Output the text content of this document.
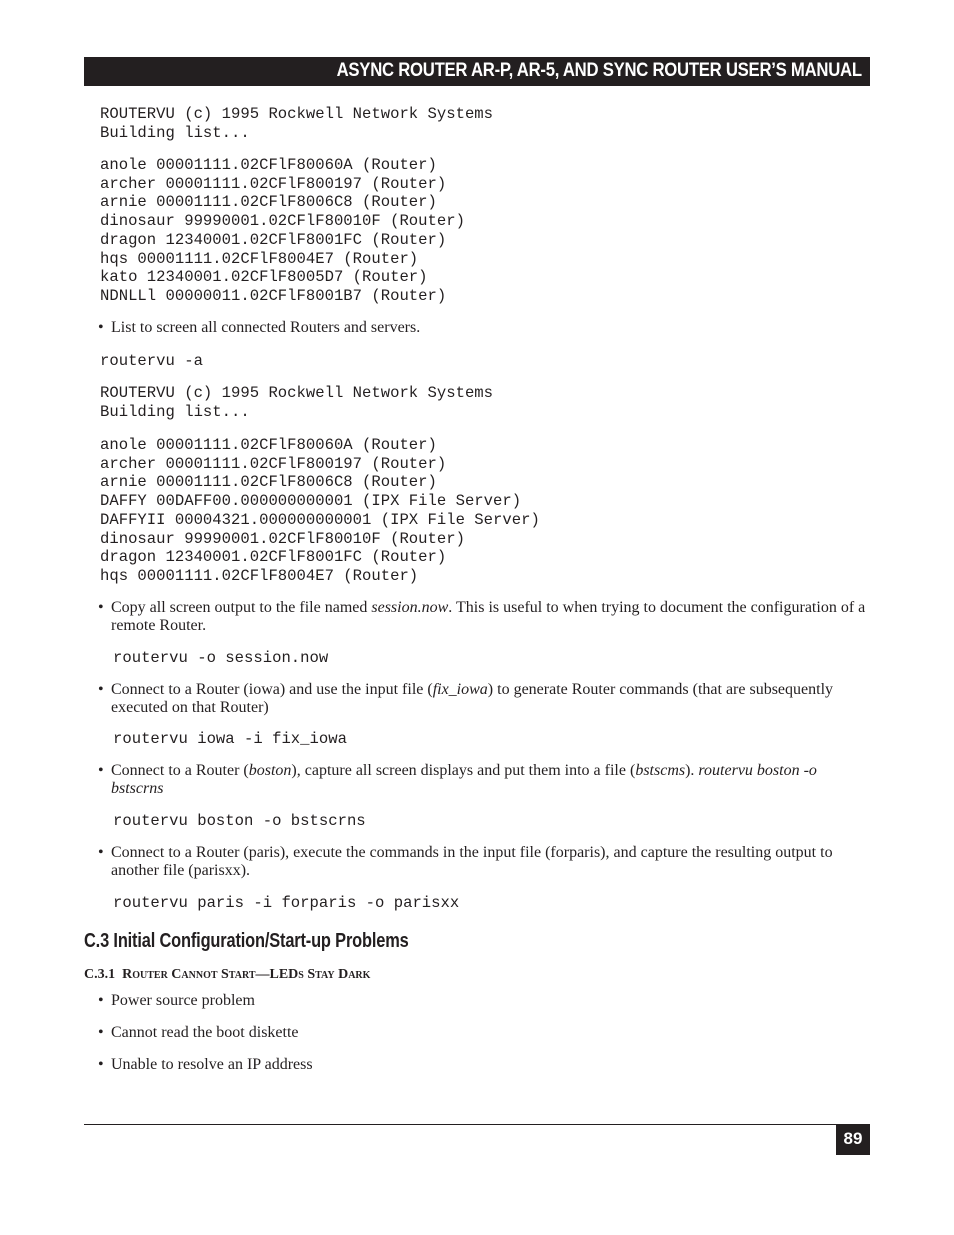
ASYNC ROUTER AR-P, AR-5, AND SYNC ROUTER USER’S MANUAL
ROUTERVU (c) 1995 Rockwell Network Systems
Building list...
anole 00001111.02CFlF80060A (Router)
archer 00001111.02CFlF800197 (Router)
arnie 00001111.02CFlF8006C8 (Router)
dinosaur 99990001.02CFlF80010F (Router)
dragon 12340001.02CFlF8001FC (Router)
hqs 00001111.02CFlF8004E7 (Router)
kato 12340001.02CFlF8005D7 (Router)
NDNLLl 00000011.02CFlF8001B7 (Router)
• List to screen all connected Routers and servers.
routervu -a
ROUTERVU (c) 1995 Rockwell Network Systems
Building list...
anole 00001111.02CFlF80060A (Router)
archer 00001111.02CFlF800197 (Router)
arnie 00001111.02CFlF8006C8 (Router)
DAFFY 00DAFF00.000000000001 (IPX File Server)
DAFFYII 00004321.000000000001 (IPX File Server)
dinosaur 99990001.02CFlF80010F (Router)
dragon 12340001.02CFlF8001FC (Router)
hqs 00001111.02CFlF8004E7 (Router)
• Copy all screen output to the file named session.now. This is useful to when trying to document the configuration of a remote Router.
routervu -o session.now
• Connect to a Router (iowa) and use the input file (fix_iowa) to generate Router commands (that are subsequently executed on that Router)
routervu iowa -i fix_iowa
• Connect to a Router (boston), capture all screen displays and put them into a file (bstscms). routervu boston -o bstscrns
routervu boston -o bstscrns
• Connect to a Router (paris), execute the commands in the input file (forparis), and capture the resulting output to another file (parisxx).
routervu paris -i forparis -o parisxx
C.3 Initial Configuration/Start-up Problems
C.3.1 Router Cannot Start—LEDs Stay Dark
• Power source problem
• Cannot read the boot diskette
• Unable to resolve an IP address
89
